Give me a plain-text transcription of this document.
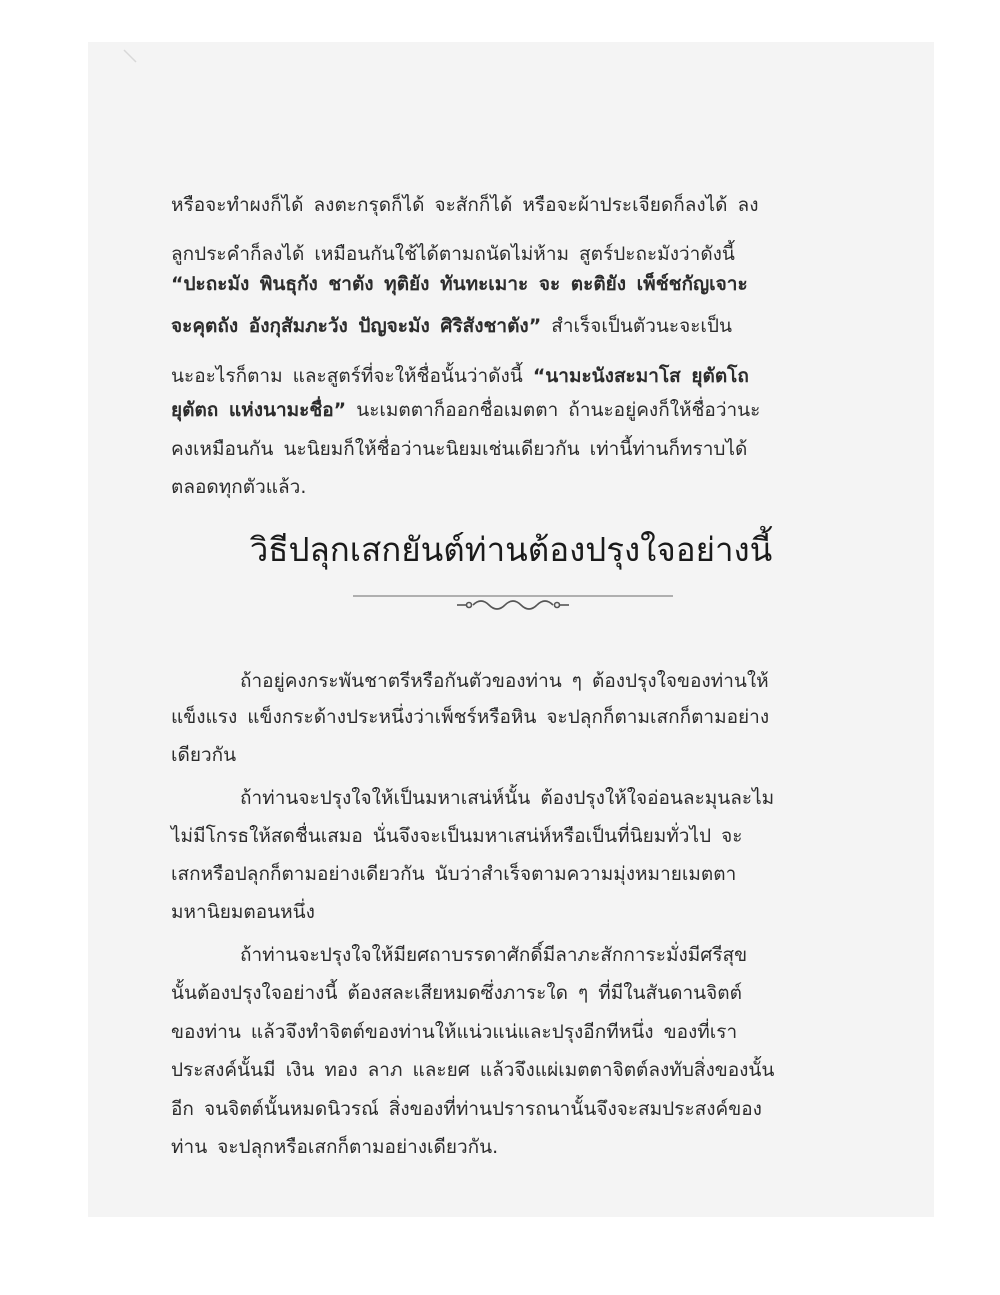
หรือจะทำผงก็ได้ ลงตะกรุดก็ได้ จะสักก็ได้ หรือจะผ้าประเจียดก็ลงได้ ลง
ลูกประคำก็ลงได้ เหมือนกันใช้ได้ตามถนัดไม่ห้าม สูตร์ปะถะมังว่าดังนี้
“ปะถะมัง พินธุกัง ชาตัง ทุติยัง ทันทะเมาะ จะ ตะติยัง เพ็ช์ชกัญเจาะ
จะคุตถัง อังกุสัมภะวัง ปัญจะมัง ศิริสังชาตัง” สำเร็จเป็นตัวนะจะเป็น
นะอะไรก็ตาม และสูตร์ที่จะให้ชื่อนั้นว่าดังนี้ “นามะนังสะมาโส ยุตัตโถ
ยุตัตถ แห่งนามะชื่อ” นะเมตตาก็ออกชื่อเมตตา ถ้านะอยู่คงก็ให้ชื่อว่านะ
คงเหมือนกัน นะนิยมก็ให้ชื่อว่านะนิยมเช่นเดียวกัน เท่านี้ท่านก็ทราบได้
ตลอดทุกตัวแล้ว.
วิธีปลุกเสกยันต์ท่านต้องปรุงใจอย่างนี้
ถ้าอยู่คงกระพันชาตรีหรือกันตัวของท่าน ๆ ต้องปรุงใจของท่านให้
แข็งแรง แข็งกระด้างประหนึ่งว่าเพ็ชร์หรือหิน จะปลุกก็ตามเสกก็ตามอย่าง
เดียวกัน
ถ้าท่านจะปรุงใจให้เป็นมหาเสน่ห์นั้น ต้องปรุงให้ใจอ่อนละมุนละไม
ไม่มีโกรธให้สดชื่นเสมอ นั่นจึงจะเป็นมหาเสน่ห์หรือเป็นที่นิยมทั่วไป จะ
เสกหรือปลุกก็ตามอย่างเดียวกัน นับว่าสำเร็จตามความมุ่งหมายเมตตา
มหานิยมตอนหนึ่ง
ถ้าท่านจะปรุงใจให้มียศถาบรรดาศักดิ์มีลาภะสักการะมั่งมีศรีสุข
นั้นต้องปรุงใจอย่างนี้ ต้องสละเสียหมดซึ่งภาระใด ๆ ที่มีในสันดานจิตต์
ของท่าน แล้วจึงทำจิตต์ของท่านให้แน่วแน่และปรุงอีกทีหนึ่ง ของที่เรา
ประสงค์นั้นมี เงิน ทอง ลาภ และยศ แล้วจึงแผ่เมตตาจิตต์ลงทับสิ่งของนั้น
อีก จนจิตต์นั้นหมดนิวรณ์ สิ่งของที่ท่านปรารถนานั้นจึงจะสมประสงค์ของ
ท่าน จะปลุกหรือเสกก็ตามอย่างเดียวกัน.
